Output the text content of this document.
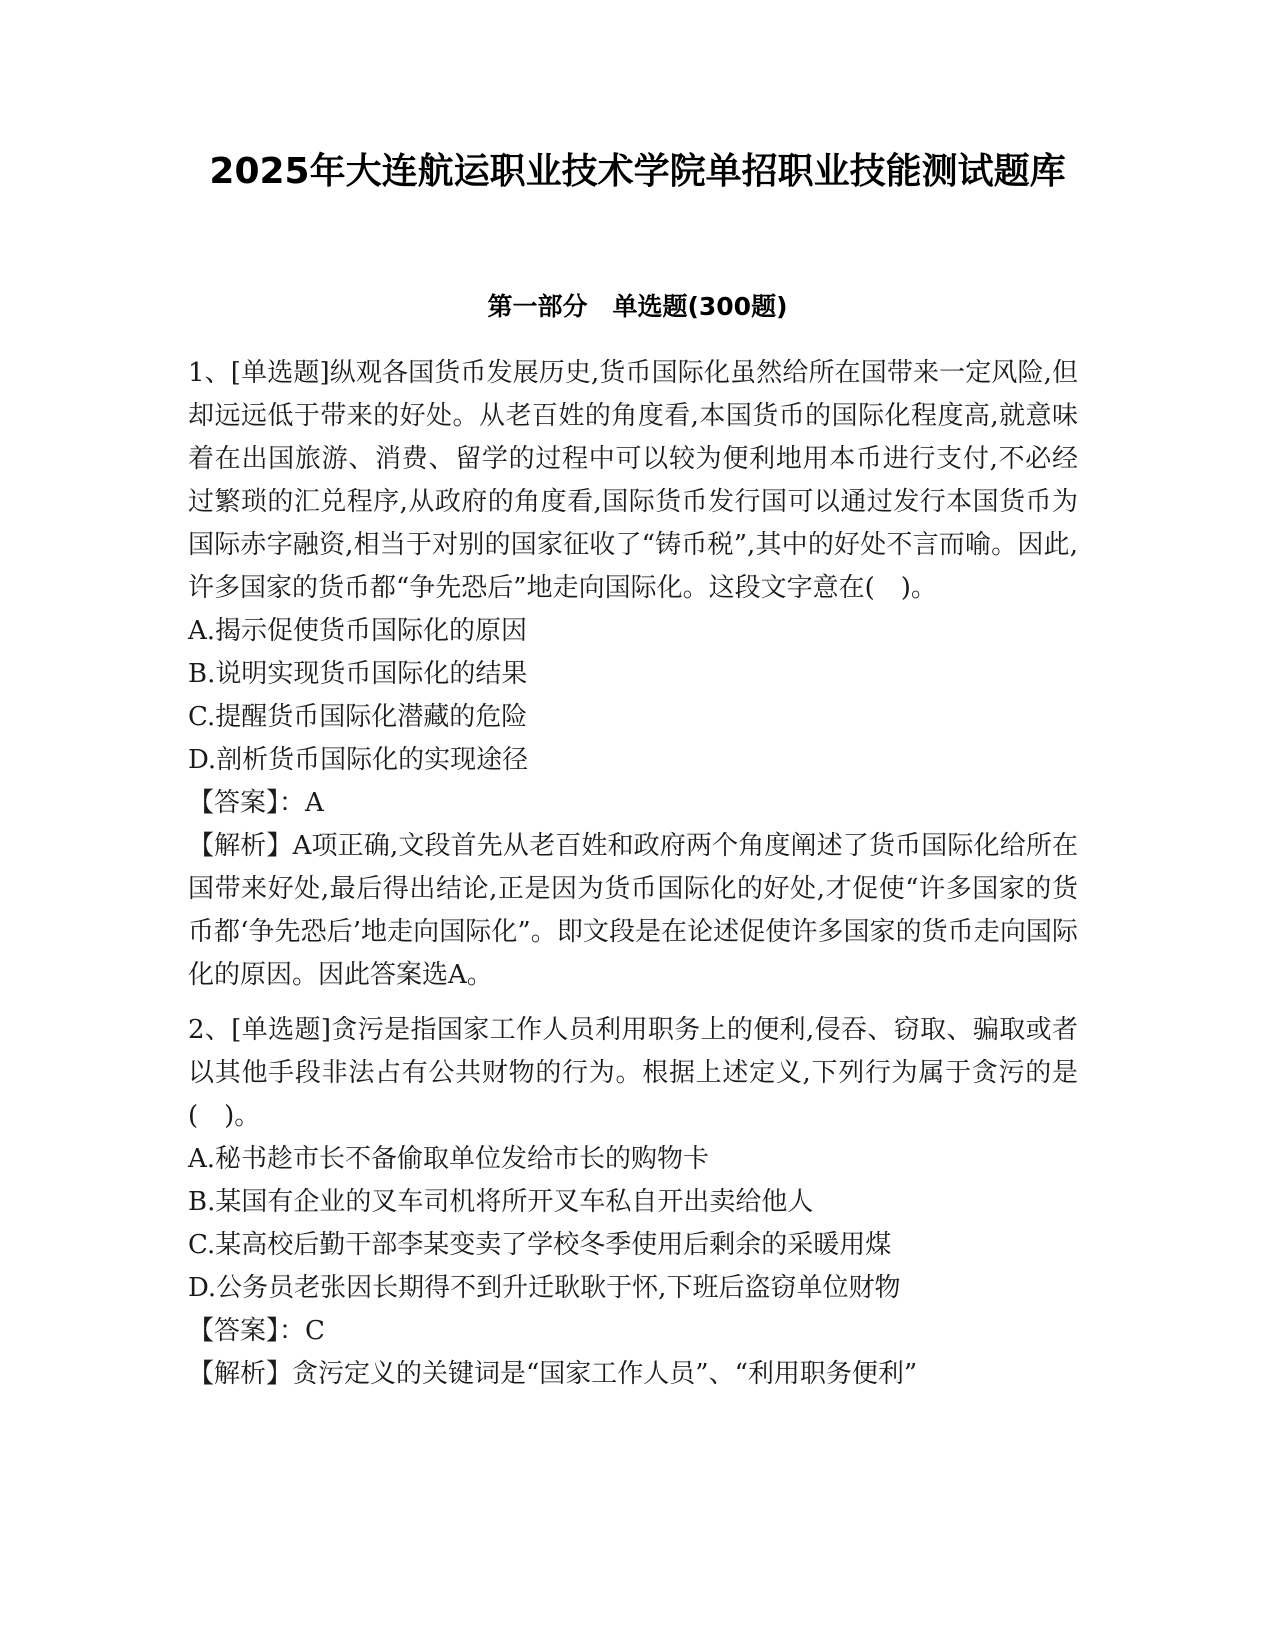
2025年大连航运职业技术学院单招职业技能测试题库
第一部分　单选题(300题)

1、[单选题]纵观各国货币发展历史,货币国际化虽然给所在国带来一定风险,但却远远低于带来的好处。从老百姓的角度看,本国货币的国际化程度高,就意味着在出国旅游、消费、留学的过程中可以较为便利地用本币进行支付,不必经过繁琐的汇兑程序,从政府的角度看,国际货币发行国可以通过发行本国货币为国际赤字融资,相当于对别的国家征收了“铸币税”,其中的好处不言而喻。因此,许多国家的货币都“争先恐后”地走向国际化。这段文字意在(　)。

A.揭示促使货币国际化的原因

B.说明实现货币国际化的结果

C.提醒货币国际化潜藏的危险

D.剖析货币国际化的实现途径

【答案】：A

【解析】A项正确,文段首先从老百姓和政府两个角度阐述了货币国际化给所在国带来好处,最后得出结论,正是因为货币国际化的好处,才促使“许多国家的货币都‘争先恐后’地走向国际化”。即文段是在论述促使许多国家的货币走向国际化的原因。因此答案选A。

2、[单选题]贪污是指国家工作人员利用职务上的便利,侵吞、窃取、骗取或者以其他手段非法占有公共财物的行为。根据上述定义,下列行为属于贪污的是(　)。

A.秘书趁市长不备偷取单位发给市长的购物卡

B.某国有企业的叉车司机将所开叉车私自开出卖给他人

C.某高校后勤干部李某变卖了学校冬季使用后剩余的采暖用煤

D.公务员老张因长期得不到升迁耿耿于怀,下班后盗窃单位财物

【答案】：C

【解析】贪污定义的关键词是“国家工作人员”、“利用职务便利”
